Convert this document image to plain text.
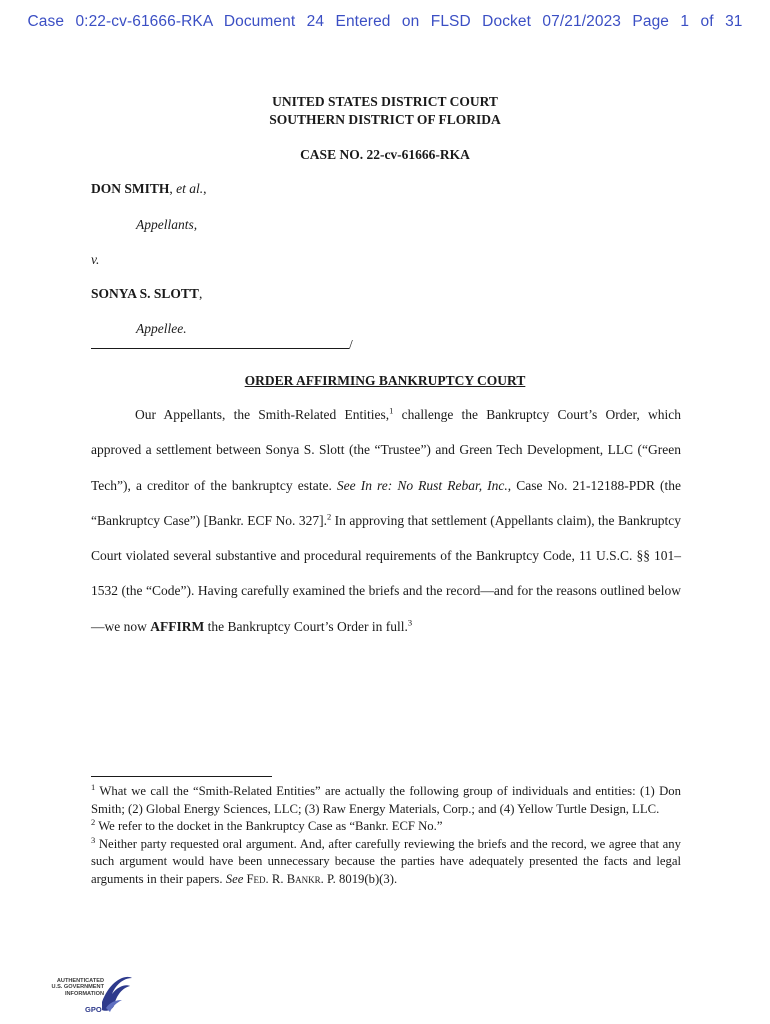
Case 0:22-cv-61666-RKA Document 24 Entered on FLSD Docket 07/21/2023 Page 1 of 31
UNITED STATES DISTRICT COURT
SOUTHERN DISTRICT OF FLORIDA
CASE NO. 22-cv-61666-RKA
DON SMITH, et al.,
Appellants,
v.
SONYA S. SLOTT,
Appellee.
/
ORDER AFFIRMING BANKRUPTCY COURT

Our Appellants, the Smith-Related Entities,$^1$ challenge the Bankruptcy Court’s Order, which approved a settlement between Sonya S. Slott (the “Trustee”) and Green Tech Development, LLC (“Green Tech”), a creditor of the bankruptcy estate. See In re: No Rust Rebar, Inc., Case No. 21-12188-PDR (the “Bankruptcy Case”) [Bankr. ECF No. 327].$^2$ In approving that settlement (Appellants claim), the Bankruptcy Court violated several substantive and procedural requirements of the Bankruptcy Code, 11 U.S.C. §§ 101–1532 (the “Code”). Having carefully examined the briefs and the record—and for the reasons outlined below—we now AFFIRM the Bankruptcy Court’s Order in full.$^3$

$^1$ What we call the “Smith-Related Entities” are actually the following group of individuals and entities: (1) Don Smith; (2) Global Energy Sciences, LLC; (3) Raw Energy Materials, Corp.; and (4) Yellow Turtle Design, LLC.

$^2$ We refer to the docket in the Bankruptcy Case as “Bankr. ECF No.”

$^3$ Neither party requested oral argument. And, after carefully reviewing the briefs and the record, we agree that any such argument would have been unnecessary because the parties have adequately presented the facts and legal arguments in their papers. See Fed. R. Bankr. P. 8019(b)(3).

AUTHENTICATED
U.S. GOVERNMENT
INFORMATION
GPO
